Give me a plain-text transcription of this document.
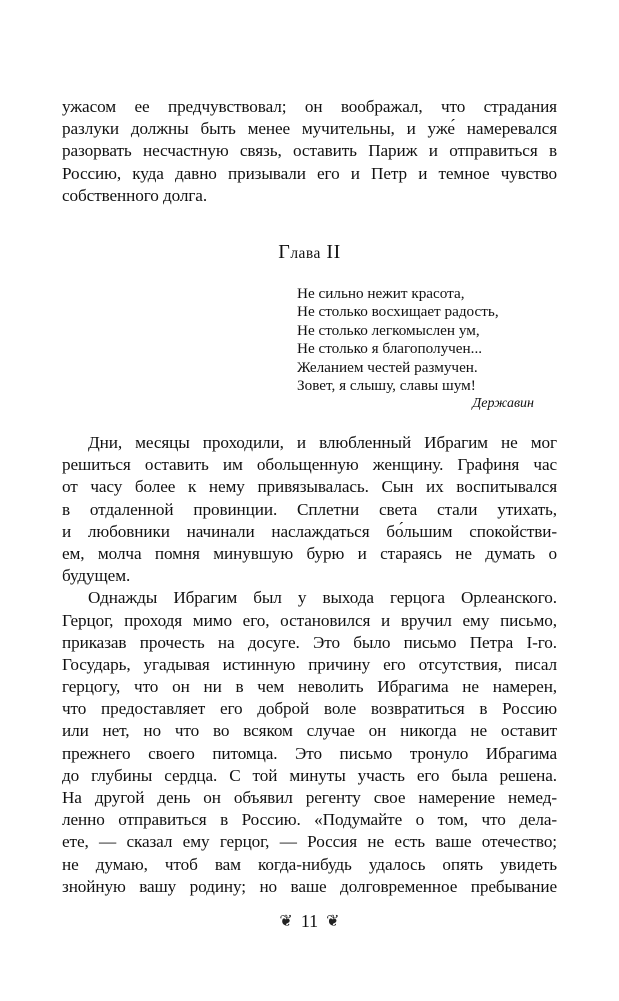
ужасом ее предчувствовал; он воображал, что страдания
разлуки должны быть менее мучительны, и уже́ намеревался
разорвать несчастную связь, оставить Париж и отправиться в
Россию, куда давно призывали его и Петр и темное чувство
собственного долга.
Глава II
Не сильно нежит красота,
Не столько восхищает радость,
Не столько легкомыслен ум,
Не столько я благополучен...
Желанием честей размучен.
Зовет, я слышу, славы шум!
Державин
Дни, месяцы проходили, и влюбленный Ибрагим не мог
решиться оставить им обольщенную женщину. Графиня час
от часу более к нему привязывалась. Сын их воспитывался
в отдаленной провинции. Сплетни света стали утихать,
и любовники начинали наслаждаться бо́льшим спокойстви-
ем, молча помня минувшую бурю и стараясь не думать о
будущем.
Однажды Ибрагим был у выхода герцога Орлеанского.
Герцог, проходя мимо его, остановился и вручил ему письмо,
приказав прочесть на досуге. Это было письмо Петра I-го.
Государь, угадывая истинную причину его отсутствия, писал
герцогу, что он ни в чем неволить Ибрагима не намерен,
что предоставляет его доброй воле возвратиться в Россию
или нет, но что во всяком случае он никогда не оставит
прежнего своего питомца. Это письмо тронуло Ибрагима
до глубины сердца. С той минуты участь его была решена.
На другой день он объявил регенту свое намерение немед-
ленно отправиться в Россию. «Подумайте о том, что дела-
ете, — сказал ему герцог, — Россия не есть ваше отечество;
не думаю, чтоб вам когда-нибудь удалось опять увидеть
знойную вашу родину; но ваше долговременное пребывание
❦ 11 ❦
